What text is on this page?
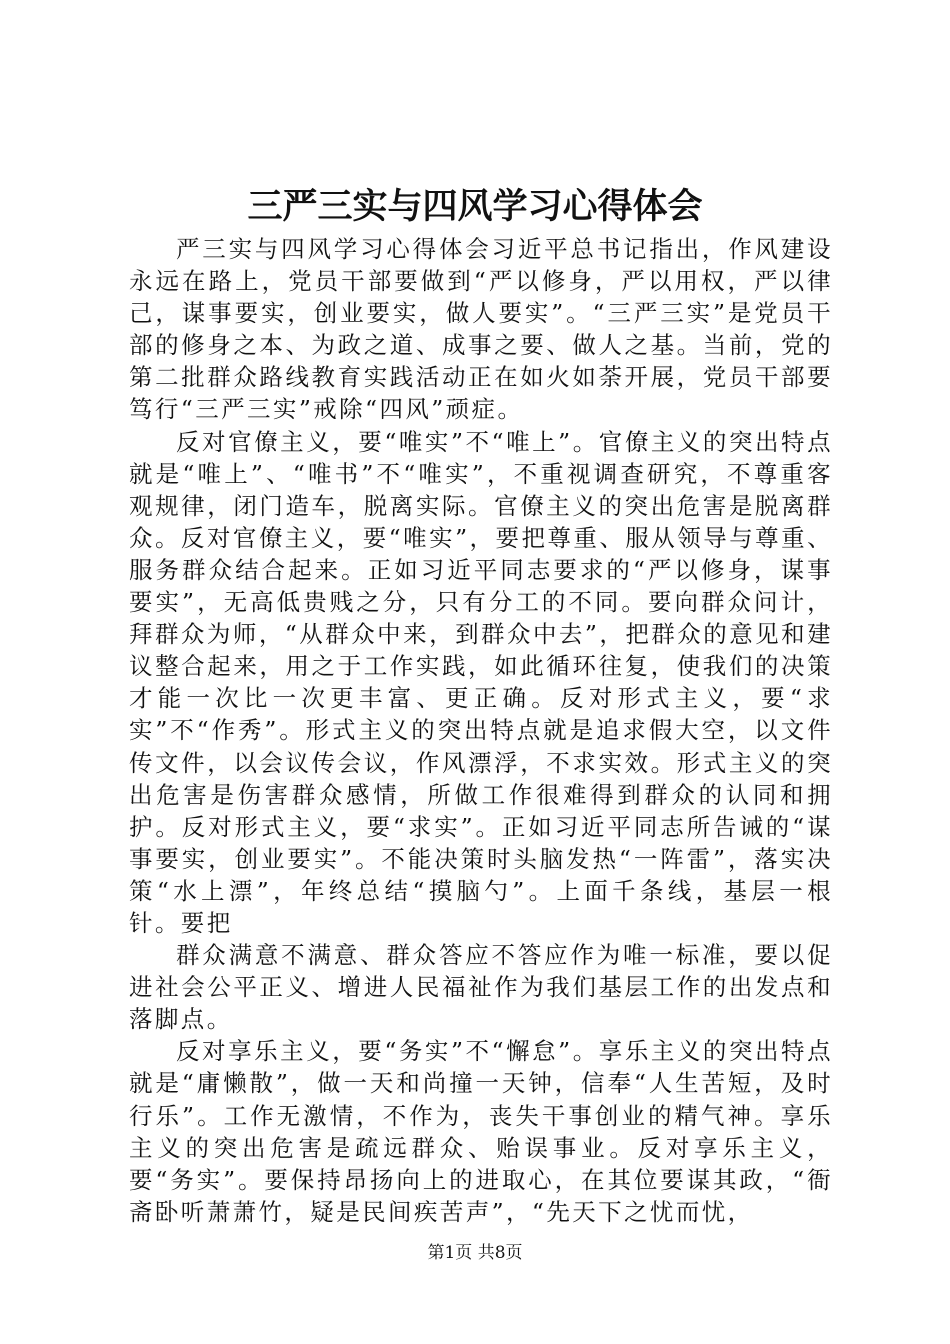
三严三实与四风学习心得体会

严三实与四风学习心得体会习近平总书记指出，作风建设永远在路上，党员干部要做到“严以修身，严以用权，严以律己，谋事要实，创业要实，做人要实”。“三严三实”是党员干部的修身之本、为政之道、成事之要、做人之基。当前，党的第二批群众路线教育实践活动正在如火如荼开展，党员干部要笃行“三严三实”戒除“四风”顽症。

反对官僚主义，要“唯实”不“唯上”。官僚主义的突出特点就是“唯上”、“唯书”不“唯实”，不重视调查研究，不尊重客观规律，闭门造车，脱离实际。官僚主义的突出危害是脱离群众。反对官僚主义，要“唯实”，要把尊重、服从领导与尊重、服务群众结合起来。正如习近平同志要求的“严以修身，谋事要实”，无高低贵贱之分，只有分工的不同。要向群众问计，拜群众为师，“从群众中来，到群众中去”，把群众的意见和建议整合起来，用之于工作实践，如此循环往复，使我们的决策才能一次比一次更丰富、更正确。反对形式主义，要“求实”不“作秀”。形式主义的突出特点就是追求假大空，以文件传文件，以会议传会议，作风漂浮，不求实效。形式主义的突出危害是伤害群众感情，所做工作很难得到群众的认同和拥护。反对形式主义，要“求实”。正如习近平同志所告诫的“谋事要实，创业要实”。不能决策时头脑发热“一阵雷”，落实决策“水上漂”，年终总结“摸脑勺”。上面千条线，基层一根针。要把

群众满意不满意、群众答应不答应作为唯一标准，要以促进社会公平正义、增进人民福祉作为我们基层工作的出发点和落脚点。

反对享乐主义，要“务实”不“懈怠”。享乐主义的突出特点就是“庸懒散”，做一天和尚撞一天钟，信奉“人生苦短，及时行乐”。工作无激情，不作为，丧失干事创业的精气神。享乐主义的突出危害是疏远群众、贻误事业。反对享乐主义，要“务实”。要保持昂扬向上的进取心，在其位要谋其政，“衙斋卧听萧萧竹，疑是民间疾苦声”，“先天下之忧而忧，

第1页 共8页
